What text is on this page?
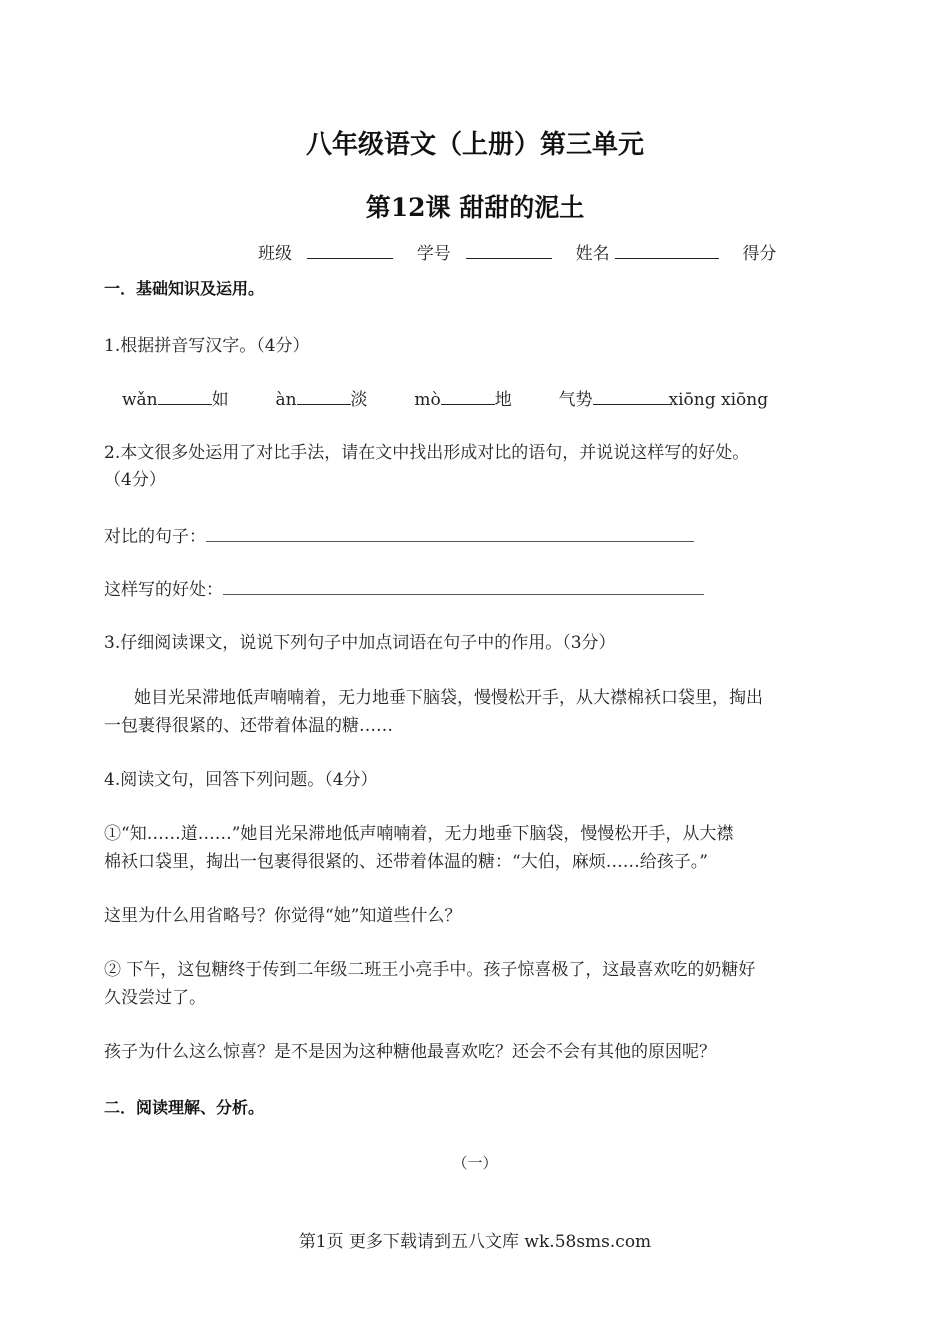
八年级语文（上册）第三单元
第12课 甜甜的泥土
班级	学号	姓名	得分
一．基础知识及运用。
1.根据拼音写汉字。（4分）
wǎn	如	àn	淡	mò	地	气势	xiōng xiōng
2.本文很多处运用了对比手法，请在文中找出形成对比的语句，并说说这样写的好处。
（4分）
对比的句子：
这样写的好处：
3.仔细阅读课文，说说下列句子中加点词语在句子中的作用。（3分）
她目光呆滞地低声喃喃着，无力地垂下脑袋，慢慢松开手，从大襟棉袄口袋里，掏出
一包裹得很紧的、还带着体温的糖……
4.阅读文句，回答下列问题。（4分）
①“知……道……”她目光呆滞地低声喃喃着，无力地垂下脑袋，慢慢松开手，从大襟
棉袄口袋里，掏出一包裹得很紧的、还带着体温的糖：“大伯，麻烦……给孩子。”
这里为什么用省略号？你觉得“她”知道些什么？
② 下午，这包糖终于传到二年级二班王小亮手中。孩子惊喜极了，这最喜欢吃的奶糖好
久没尝过了。
孩子为什么这么惊喜？是不是因为这种糖他最喜欢吃？还会不会有其他的原因呢？
二．阅读理解、分析。
（一）
第1页 更多下载请到五八文库 wk.58sms.com
